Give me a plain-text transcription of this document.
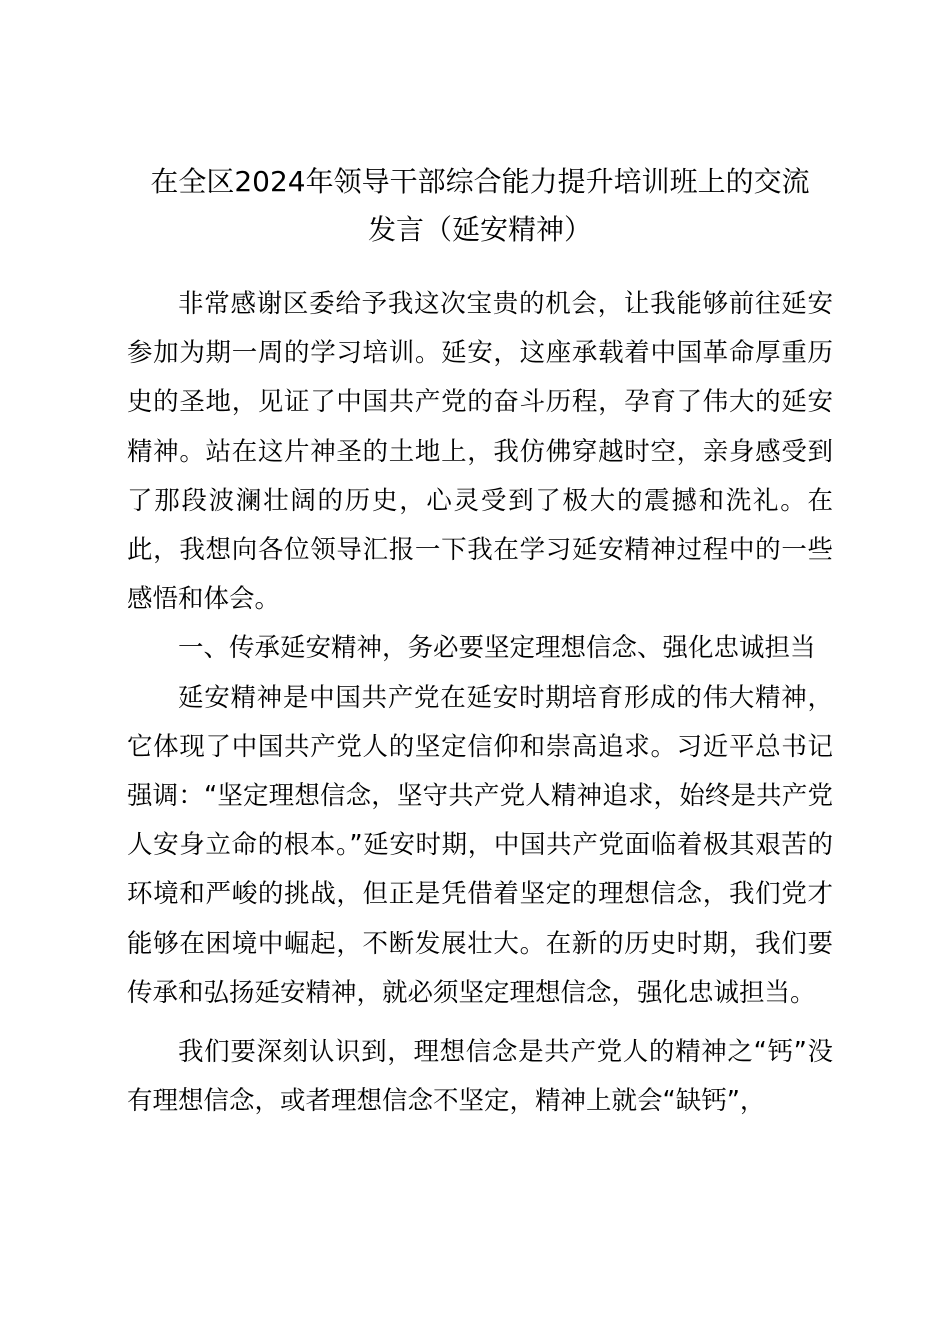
在全区2024年领导干部综合能力提升培训班上的交流
发言（延安精神）

非常感谢区委给予我这次宝贵的机会，让我能够前往延安参加为期一周的学习培训。延安，这座承载着中国革命厚重历史的圣地，见证了中国共产党的奋斗历程，孕育了伟大的延安精神。站在这片神圣的土地上，我仿佛穿越时空，亲身感受到了那段波澜壮阔的历史，心灵受到了极大的震撼和洗礼。在此，我想向各位领导汇报一下我在学习延安精神过程中的一些感悟和体会。

一、传承延安精神，务必要坚定理想信念、强化忠诚担当

延安精神是中国共产党在延安时期培育形成的伟大精神，它体现了中国共产党人的坚定信仰和崇高追求。习近平总书记强调：“坚定理想信念，坚守共产党人精神追求，始终是共产党人安身立命的根本。”延安时期，中国共产党面临着极其艰苦的环境和严峻的挑战，但正是凭借着坚定的理想信念，我们党才能够在困境中崛起，不断发展壮大。在新的历史时期，我们要传承和弘扬延安精神，就必须坚定理想信念，强化忠诚担当。

我们要深刻认识到，理想信念是共产党人的精神之“钙”没有理想信念，或者理想信念不坚定，精神上就会“缺钙”，
